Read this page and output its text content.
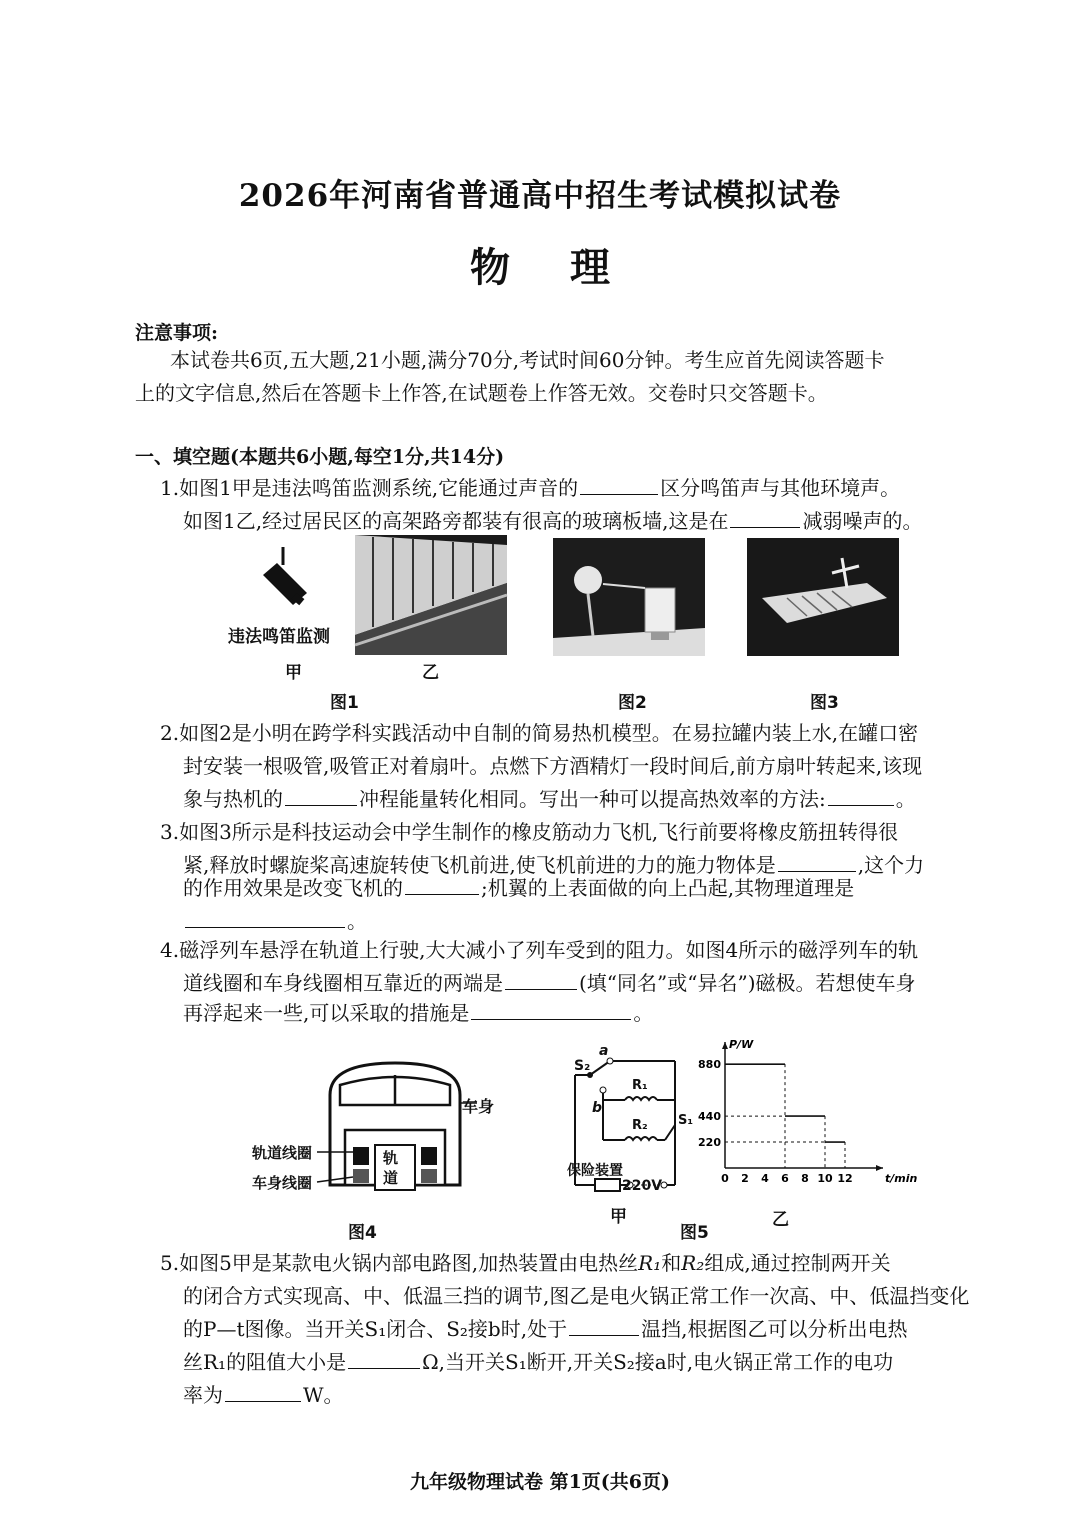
2026年河南省普通高中招生考试模拟试卷
物理
注意事项:
本试卷共6页,五大题,21小题,满分70分,考试时间60分钟。考生应首先阅读答题卡
上的文字信息,然后在答题卡上作答,在试题卷上作答无效。交卷时只交答题卡。
一、填空题(本题共6小题,每空1分,共14分)
1.如图1甲是违法鸣笛监测系统,它能通过声音的	区分鸣笛声与其他环境声。
如图1乙,经过居民区的高架路旁都装有很高的玻璃板墙,这是在	减弱噪声的。
违法鸣笛监测
甲	乙
图1	图2	图3
2.如图2是小明在跨学科实践活动中自制的简易热机模型。在易拉罐内装上水,在罐口密
封安装一根吸管,吸管正对着扇叶。点燃下方酒精灯一段时间后,前方扇叶转起来,该现
象与热机的	冲程能量转化相同。写出一种可以提高热效率的方法:	。
3.如图3所示是科技运动会中学生制作的橡皮筋动力飞机,飞行前要将橡皮筋扭转得很
紧,释放时螺旋桨高速旋转使飞机前进,使飞机前进的力的施力物体是	,这个力
的作用效果是改变飞机的	;机翼的上表面做的向上凸起,其物理道理是
。
4.磁浮列车悬浮在轨道上行驶,大大减小了列车受到的阻力。如图4所示的磁浮列车的轨
道线圈和车身线圈相互靠近的两端是	(填“同名”或“异名”)磁极。若想使车身
再浮起来一些,可以采取的措施是	。
车身
轨道线圈
车身线圈
轨
道
图4
S₂
a
b
R₁
R₂ S₁
保险装置
220V
甲
图5
乙
P/W
t/min
0 2 4 6 8 10 12
880
440
220
5.如图5甲是某款电火锅内部电路图,加热装置由电热丝R₁和R₂组成,通过控制两开关
的闭合方式实现高、中、低温三挡的调节,图乙是电火锅正常工作一次高、中、低温挡变化
的P—t图像。当开关S₁闭合、S₂接b时,处于	温挡,根据图乙可以分析出电热
丝R₁的阻值大小是	Ω,当开关S₁断开,开关S₂接a时,电火锅正常工作的电功
率为	W。
九年级物理试卷 第1页(共6页)
